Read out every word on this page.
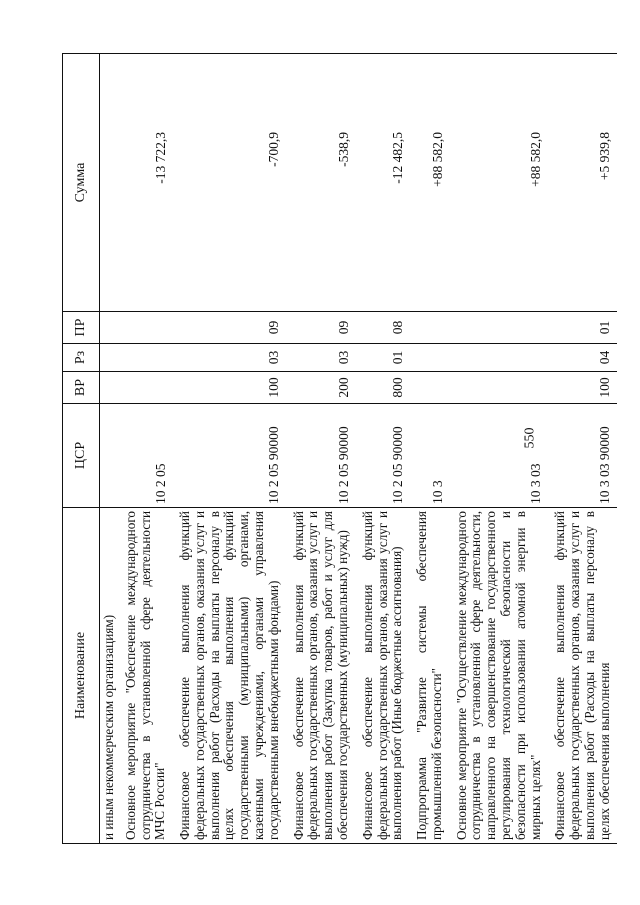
550
Наименование	ЦСР	ВР	Рз	ПР	Сумма
и иным некоммерческим организациям)					
Основное мероприятие "Обеспечение международного сотрудничества в установленной сфере деятельности МЧС России"	10 2 05				-13 722,3
Финансовое обеспечение выполнения функций федеральных государственных органов, оказания услуг и выполнения работ (Расходы на выплаты персоналу в целях обеспечения выполнения функций государственными (муниципальными) органами, казенными учреждениями, органами управления государственными внебюджетными фондами)	10 2 05 90000	100	03	09	-700,9
Финансовое обеспечение выполнения функций федеральных государственных органов, оказания услуг и выполнения работ (Закупка товаров, работ и услуг для обеспечения государственных (муниципальных) нужд)	10 2 05 90000	200	03	09	-538,9
Финансовое обеспечение выполнения функций федеральных государственных органов, оказания услуг и выполнения работ (Иные бюджетные ассигнования)	10 2 05 90000	800	01	08	-12 482,5
Подпрограмма "Развитие системы обеспечения промышленной безопасности"	10 3				+88 582,0
Основное мероприятие "Осуществление международного сотрудничества в установленной сфере деятельности, направленного на совершенствование государственного регулирования технологической безопасности и безопасности при использовании атомной энергии в мирных целях"	10 3 03				+88 582,0
Финансовое обеспечение выполнения функций федеральных государственных органов, оказания услуг и выполнения работ (Расходы на выплаты персоналу в целях обеспечения выполнения	10 3 03 90000	100	04	01	+5 939,8
